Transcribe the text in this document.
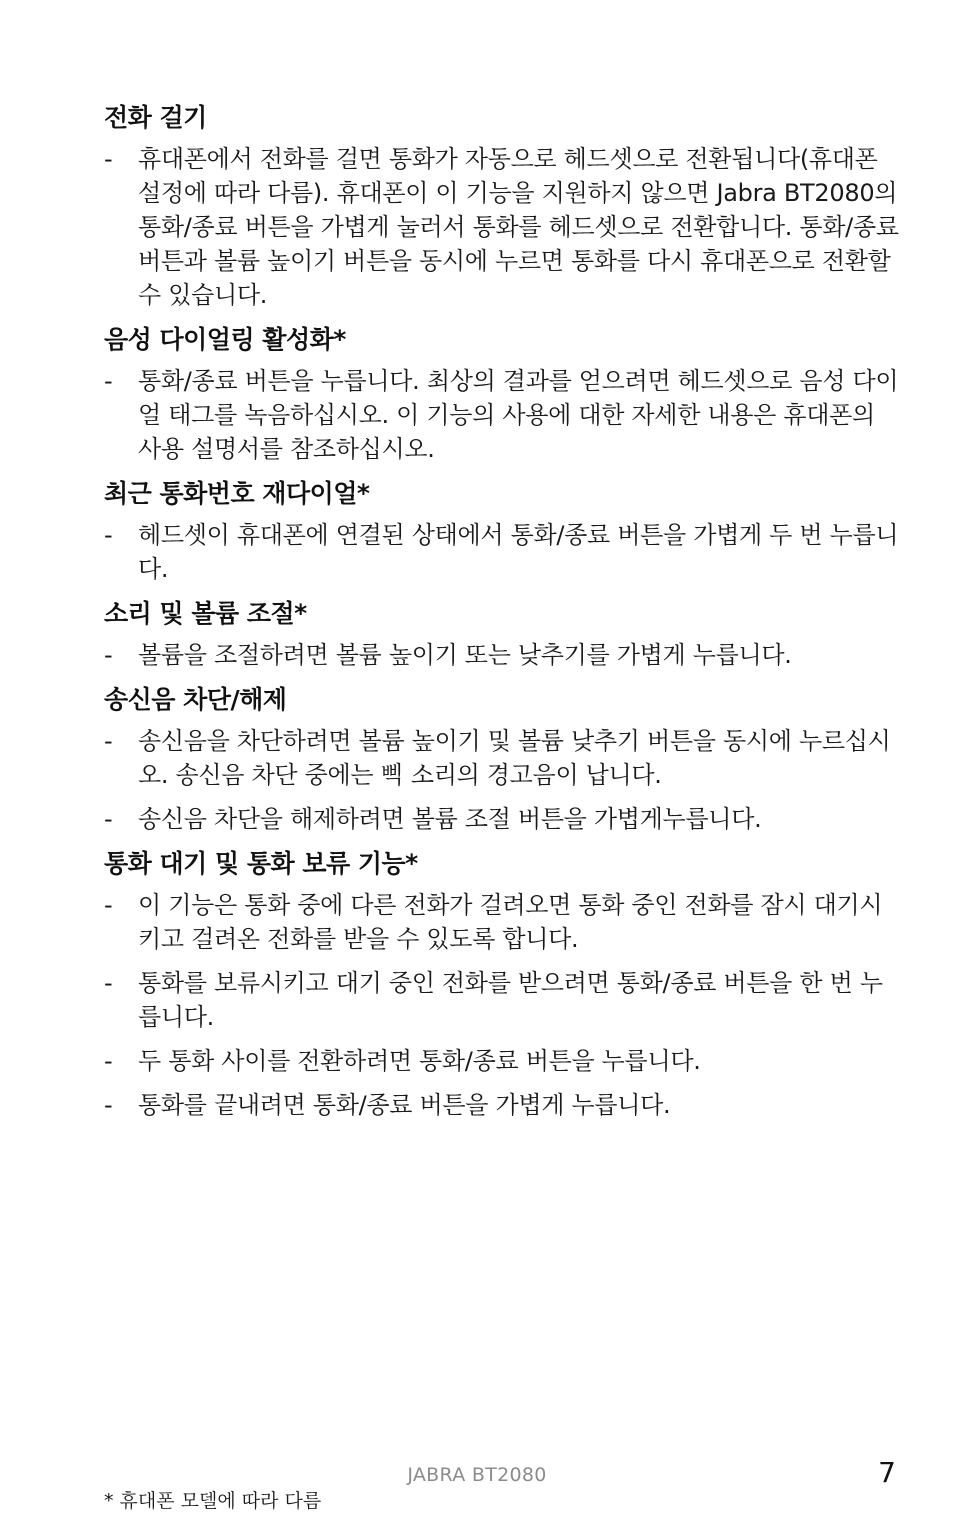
전화 걸기
- 휴대폰에서 전화를 걸면 통화가 자동으로 헤드셋으로 전환됩니다(휴대폰 설정에 따라 다름). 휴대폰이 이 기능을 지원하지 않으면 Jabra BT2080의 통화/종료 버튼을 가볍게 눌러서 통화를 헤드셋으로 전환합니다. 통화/종료 버튼과 볼륨 높이기 버튼을 동시에 누르면 통화를 다시 휴대폰으로 전환할 수 있습니다.
음성 다이얼링 활성화*
- 통화/종료 버튼을 누릅니다. 최상의 결과를 얻으려면 헤드셋으로 음성 다이얼 태그를 녹음하십시오. 이 기능의 사용에 대한 자세한 내용은 휴대폰의 사용 설명서를 참조하십시오.
최근 통화번호 재다이얼*
- 헤드셋이 휴대폰에 연결된 상태에서 통화/종료 버튼을 가볍게 두 번 누릅니다.
소리 및 볼륨 조절*
- 볼륨을 조절하려면 볼륨 높이기 또는 낮추기를 가볍게 누릅니다.
송신음 차단/해제
- 송신음을 차단하려면 볼륨 높이기 및 볼륨 낮추기 버튼을 동시에 누르십시오. 송신음 차단 중에는 삑 소리의 경고음이 납니다.
- 송신음 차단을 해제하려면 볼륨 조절 버튼을 가볍게누릅니다.
통화 대기 및 통화 보류 기능*
- 이 기능은 통화 중에 다른 전화가 걸려오면 통화 중인 전화를 잠시 대기시키고 걸려온 전화를 받을 수 있도록 합니다.
- 통화를 보류시키고 대기 중인 전화를 받으려면 통화/종료 버튼을 한 번 누릅니다.
- 두 통화 사이를 전환하려면 통화/종료 버튼을 누릅니다.
- 통화를 끝내려면 통화/종료 버튼을 가볍게 누릅니다.
JABRA BT2080	7
* 휴대폰 모델에 따라 다름
